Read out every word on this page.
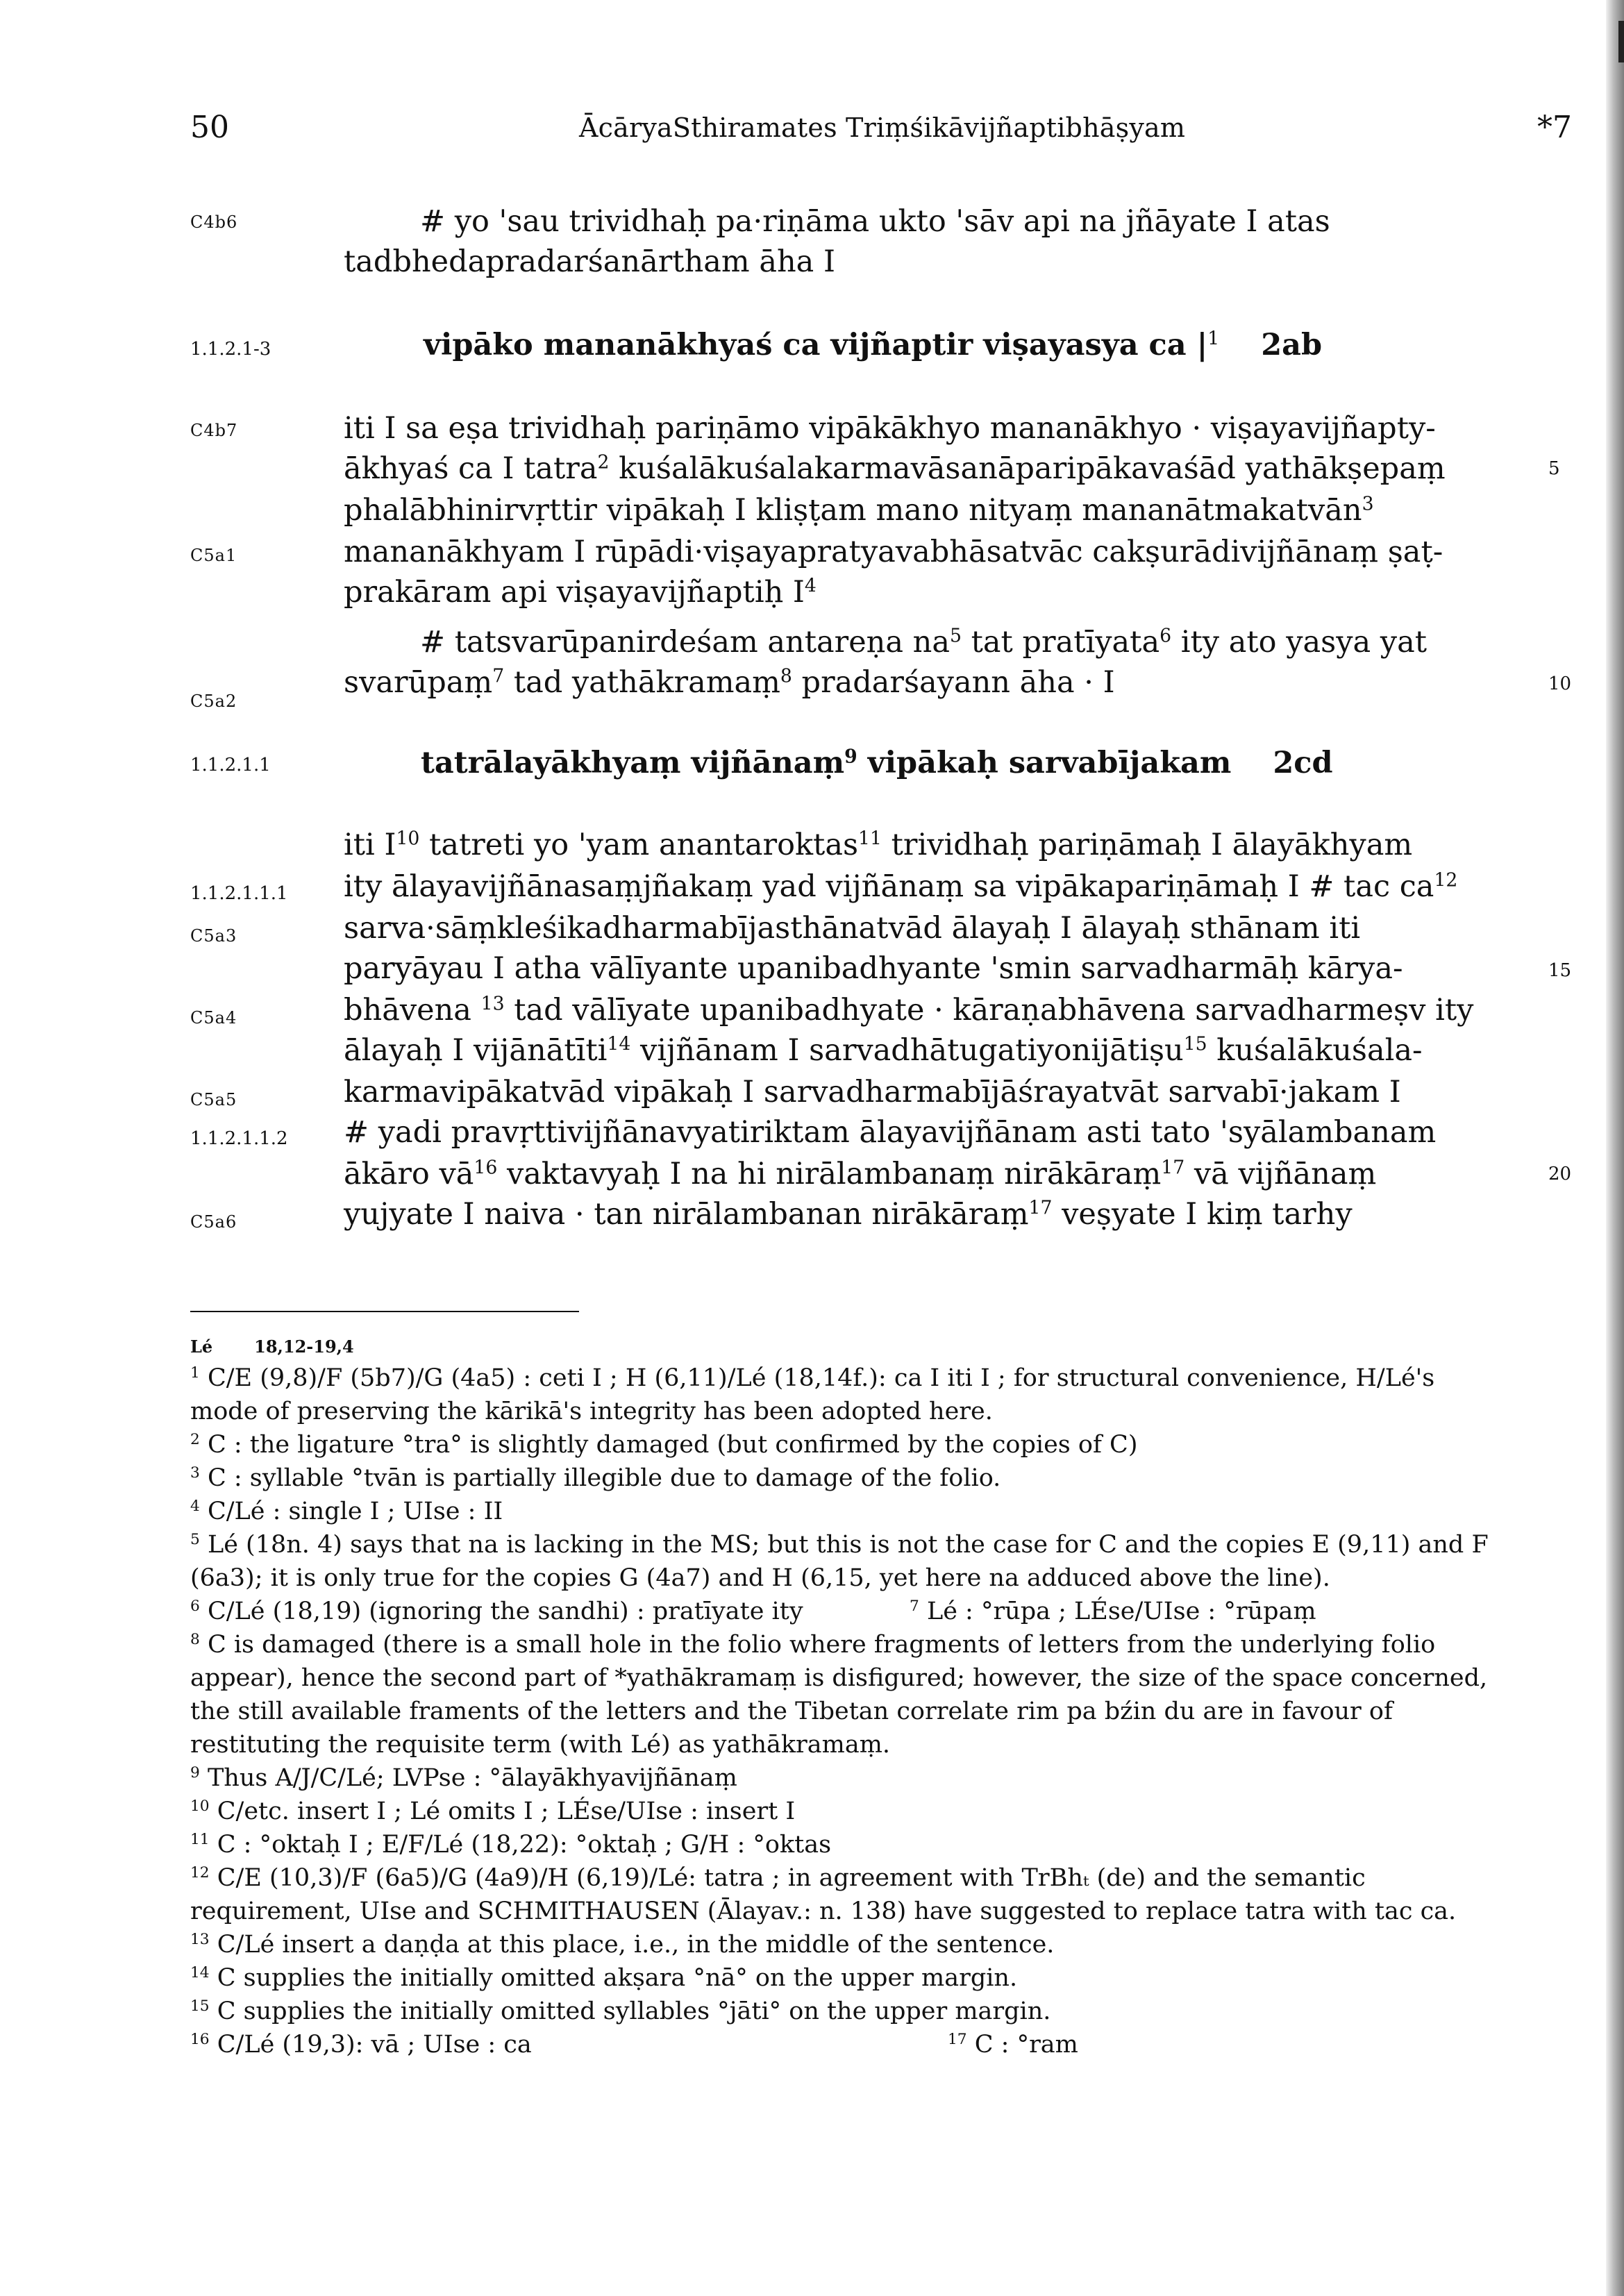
50	ĀcāryaSthiramates Triṃśikāvijñaptibhāṣyam	*7
C4b6
1.1.2.1-3
C4b7
C5a1
C5a2
1.1.2.1.1
1.1.2.1.1.1
C5a3
C5a4
C5a5
1.1.2.1.1.2
C5a6
5
10
15
20
# yo 'sau trividhaḥ pa·riṇāma ukto 'sāv api na jñāyate I atas
tadbhedapradarśanārtham āha I
vipāko mananākhyaś ca vijñaptir viṣayasya ca $|^1$ 2ab
iti I sa eṣa trividhaḥ pariṇāmo vipākākhyo mananākhyo · viṣayavijñapty-
ākhyaś ca I tatra$^2$ kuśalākuśalakarmavāsanāparipākavaśād yathākṣepaṃ
phalābhinirvṛttir vipākaḥ I kliṣṭam mano nityaṃ mananātmakatvān$^3$
mananākhyam I rūpādi·viṣayapratyavabhāsatvāc cakṣurādivijñānaṃ ṣaṭ-
prakāram api viṣayavijñaptiḥ $I^4$
# tatsvarūpanirdeśam antareṇa $na^5$ tat pratīyata$^6$ ity ato yasya yat
svarūpaṃ$^7$ tad yathākramaṃ$^8$ pradarśayann āha · I
tatrālayākhyaṃ vijñānaṃ$^9$ vipākaḥ sarvabījakam 2cd
iti $I^{10}$ tatreti yo 'yam anantaroktas$^{11}$ trividhaḥ pariṇāmaḥ I ālayākhyam
ity ālayavijñānasaṃjñakaṃ yad vijñānaṃ sa vipākapariṇāmaḥ I # tac $ca^{12}$
sarva·sāṃkleśikadharmabījasthānatvād ālayaḥ I ālayaḥ sthānam iti
paryāyau I atha vālīyante upanibadhyante 'smin sarvadharmāḥ kārya-
bhāvena $^{13}$ tad vālīyate upanibadhyate · kāraṇabhāvena sarvadharmeṣv ity
ālayaḥ I vijānātīti$^{14}$ vijñānam I sarvadhātugatiyonijātiṣu$^{15}$ kuśalākuśala-
karmavipākatvād vipākaḥ I sarvadharmabījāśrayatvāt sarvabī·jakam I
# yadi pravṛttivijñānavyatiriktam ālayavijñānam asti tato 'syālambanam
ākāro $vā^{16}$ vaktavyaḥ I na hi nirālambanaṃ nirākāraṃ$^{17}$ vā vijñānaṃ
yujyate I naiva · tan nirālambanan nirākāraṃ$^{17}$ veṣyate I kiṃ tarhy
Lé	18,12-19,4
$^1$ C/E (9,8)/F (5b7)/G (4a5) : ceti I ; H (6,11)/Lé (18,14f.): ca I iti I ; for structural convenience, H/Lé's
mode of preserving the kārikā's integrity has been adopted here.
$^2$ C : the ligature °tra° is slightly damaged (but confirmed by the copies of C)
$^3$ C : syllable °tvān is partially illegible due to damage of the folio.
$^4$ C/Lé : single I ; UIse : II
$^5$ Lé (18n. 4) says that na is lacking in the MS; but this is not the case for C and the copies E (9,11) and F
(6a3); it is only true for the copies G (4a7) and H (6,15, yet here na adduced above the line).
$^6$ C/Lé (18,19) (ignoring the sandhi) : pratīyate ity	$^7$ Lé : °rūpa ; LÉse/UIse : °rūpaṃ
$^8$ C is damaged (there is a small hole in the folio where fragments of letters from the underlying folio
appear), hence the second part of *yathākramaṃ is disfigured; however, the size of the space concerned,
the still available framents of the letters and the Tibetan correlate rim pa bźin du are in favour of
restituting the requisite term (with Lé) as yathākramaṃ.
$^9$ Thus A/J/C/Lé; LVPse : °ālayākhyavijñānaṃ
$^{10}$ C/etc. insert I ; Lé omits I ; LÉse/UIse : insert I
$^{11}$ C : °oktaḥ I ; E/F/Lé (18,22): °oktaḥ ; G/H : °oktas
$^{12}$ C/E (10,3)/F (6a5)/G (4a9)/H (6,19)/Lé: tatra ; in agreement with TrBhₜ (de) and the semantic
requirement, UIse and SCHMITHAUSEN (Ālayav.: n. 138) have suggested to replace tatra with tac ca.
$^{13}$ C/Lé insert a daṇḍa at this place, i.e., in the middle of the sentence.
$^{14}$ C supplies the initially omitted akṣara °nā° on the upper margin.
$^{15}$ C supplies the initially omitted syllables °jāti° on the upper margin.
$^{16}$ C/Lé (19,3): vā ; UIse : ca	$^{17}$ C : °ram
